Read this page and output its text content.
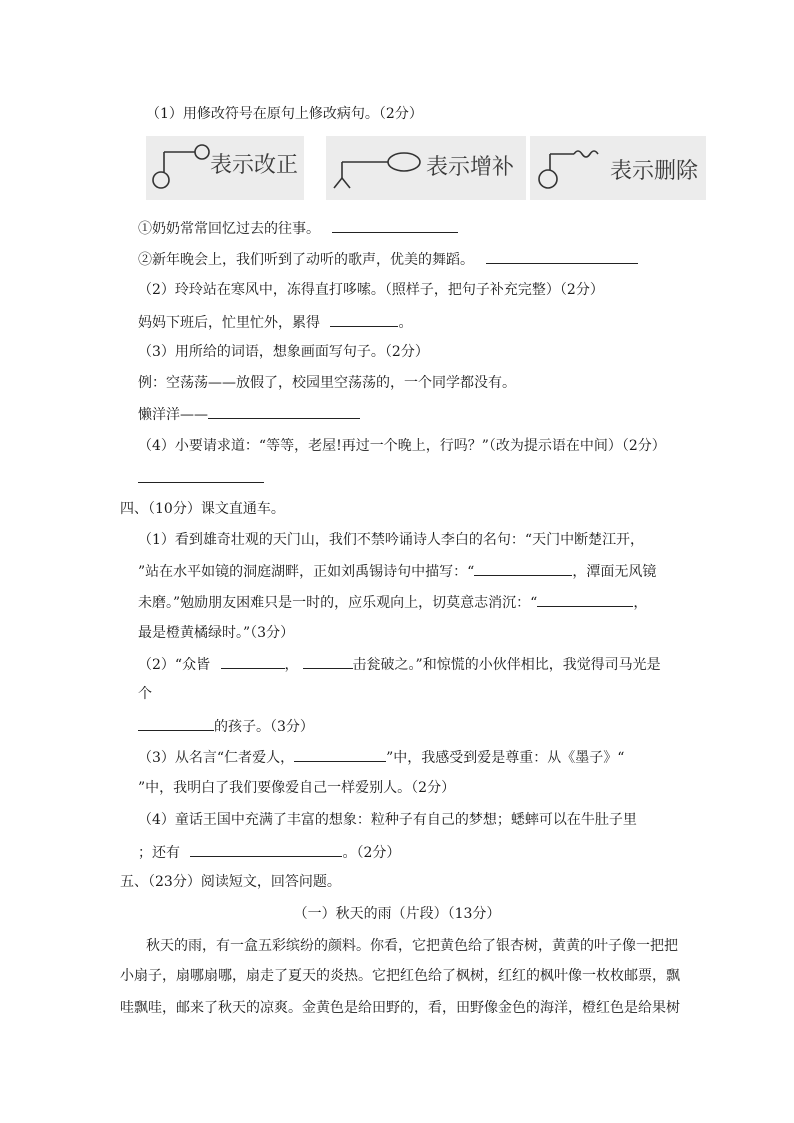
（1）用修改符号在原句上修改病句。（2分）
表示改正	表示增补	表示删除
①奶奶常常回忆过去的往事。
②新年晚会上，我们听到了动听的歌声，优美的舞蹈。
（2）玲玲站在寒风中，冻得直打哆嗦。（照样子，把句子补充完整）（2分）
妈妈下班后，忙里忙外，累得	。
（3）用所给的词语，想象画面写句子。（2分）
例：空荡荡——放假了，校园里空荡荡的，一个同学都没有。
懒洋洋——
（4）小要请求道：“等等，老屋!再过一个晚上，行吗？”（改为提示语在中间）（2分）
四、（10分）课文直通车。
（1）看到雄奇壮观的天门山，我们不禁吟诵诗人李白的名句：“天门中断楚江开，
”站在水平如镜的洞庭湖畔，正如刘禹锡诗句中描写：“	，潭面无风镜
未磨。”勉励朋友困难只是一时的，应乐观向上，切莫意志消沉：“	，
最是橙黄橘绿时。”（3分）
（2）“众皆	，	击瓮破之。”和惊慌的小伙伴相比，我觉得司马光是
个
的孩子。（3分）
（3）从名言“仁者爱人，	”中，我感受到爱是尊重：从《墨子》“
”中，我明白了我们要像爱自己一样爱别人。（2分）
（4）童话王国中充满了丰富的想象：粒种子有自己的梦想；蟋蟀可以在牛肚子里
；还有	。（2分）
五、（23分）阅读短文，回答问题。
（一）秋天的雨（片段）（13分）
秋天的雨，有一盒五彩缤纷的颜料。你看，它把黄色给了银杏树，黄黄的叶子像一把把
小扇子，扇哪扇哪，扇走了夏天的炎热。它把红色给了枫树，红红的枫叶像一枚枚邮票，飘
哇飘哇，邮来了秋天的凉爽。金黄色是给田野的，看，田野像金色的海洋，橙红色是给果树
